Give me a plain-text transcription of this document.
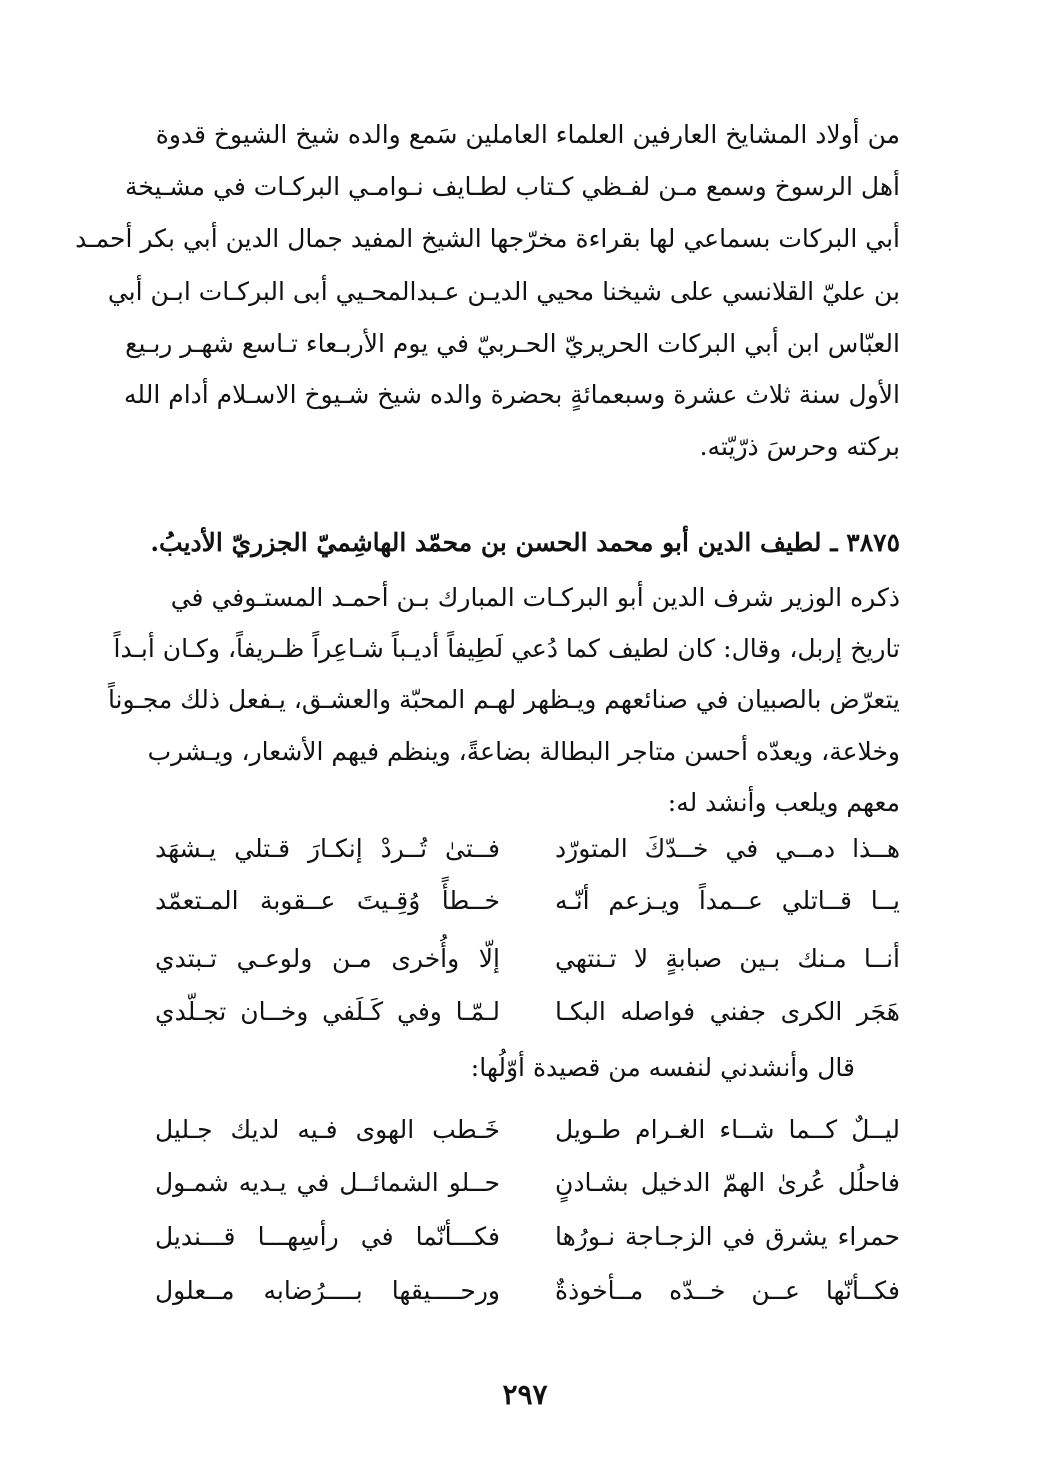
من أولاد المشايخ العارفين العلماء العاملين سَمع والده شيخ الشيوخ قدوة
أهل الرسوخ وسمع مـن لفـظي كـتاب لطـايف نـوامـي البركـات في مشـيخة
أبي البركات بسماعي لها بقراءة مخرّجها الشيخ المفيد جمال الدين أبي بكر أحمـد
بن عليّ القلانسي على شيخنا محيي الديـن عـبدالمحـيي أبى البركـات ابـن أبي
العبّاس ابن أبي البركات الحريريّ الحـربيّ في يوم الأربـعاء تـاسع شهـر ربـيع
الأول سنة ثلاث عشرة وسبعمائةٍ بحضرة والده شيخ شـيوخ الاسـلام أدام الله
بركته وحرسَ ذرّيّته.
٣٨٧٥ ـ لطيف الدين أبو محمد الحسن بن محمّد الهاشِميّ الجزريّ الأديبُ.
ذكره الوزير شرف الدين أبو البركـات المبارك بـن أحمـد المستـوفي في
تاريخ إربل، وقال: كان لطيف كما دُعي لَطِيفاً أديـباً شـاعِراً ظـريفاً، وكـان أبـداً
يتعرّض بالصبيان في صنائعهم ويـظهر لهـم المحبّة والعشـق، يـفعل ذلك مجـوناً
وخلاعة، ويعدّه أحسن متاجر البطالة بضاعةً، وينظم فيهم الأشعار، ويـشرب
معهم ويلعب وأنشد له:
هــذا دمــي في خــدّكَ المتورّد
فــتىٰ تُــردْ إنكـارَ قـتلي يـشهَد
يــا قــاتلي عــمداً ويـزعم أنّـه
خــطأً وُقِـيتَ عــقوبة المـتعمّد
أنــا مـنك بـين صبابةٍ لا تـنتهي
إلّا وأُخرى مـن ولوعـي تـبتدي
هَجَر الكرى جفني فواصله البكـا
لـمّـا وفي كَـلَفي وخــان تجـلّدي
قال وأنشدني لنفسه من قصيدة أوّلُها:
ليــلٌ كــما شــاء الغـرام طـويل
خَـطب الهوى فـيه لديك جـليل
فاحلُل عُرىٰ الهمّ الدخيل بشـادنٍ
حــلو الشمائــل في يـديه شمـول
حمراء يشرق في الزجـاجة نـورُها
فكـــأنّما في رأسِهـــا قـــنديل
فكــأنّها عــن خــدّه مــأخوذةٌ
ورحــــيقها بــــرُضابه مــعلول
٢٩٧
